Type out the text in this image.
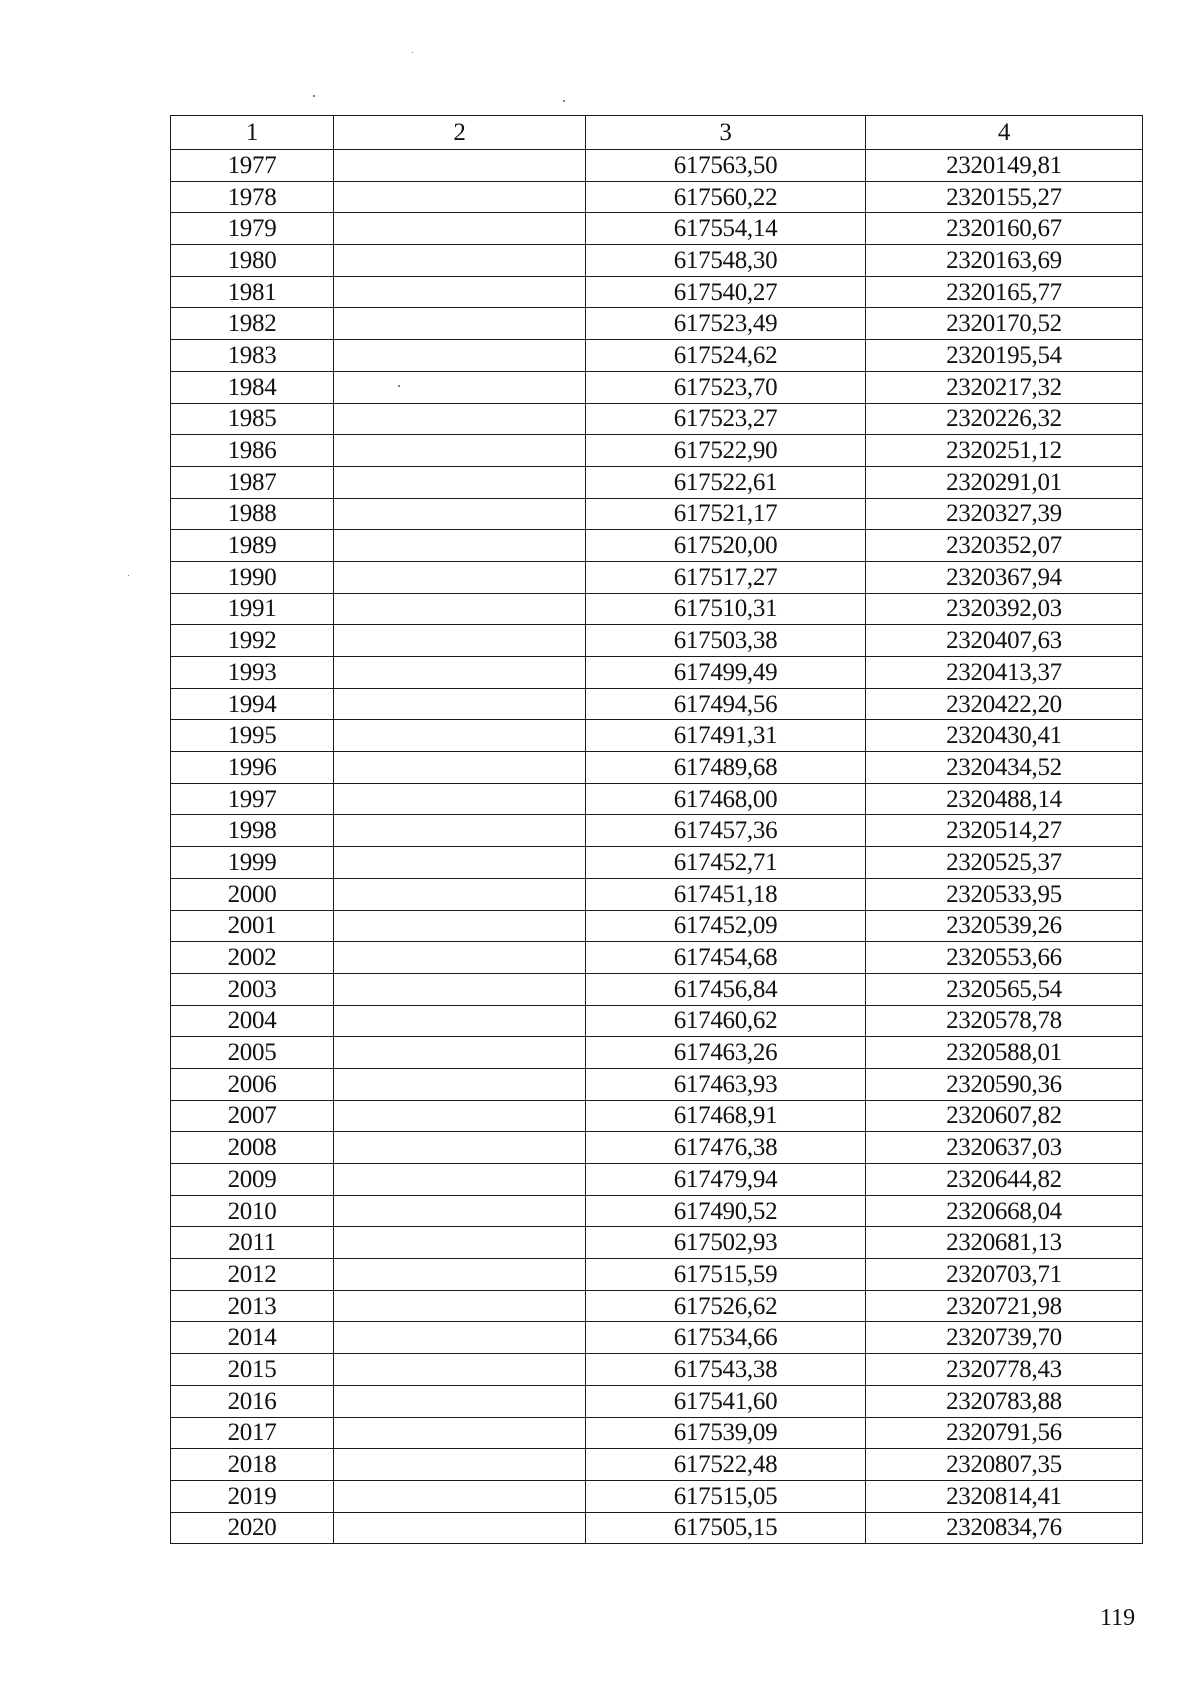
1	2	3	4
1977		617563,50	2320149,81
1978		617560,22	2320155,27
1979		617554,14	2320160,67
1980		617548,30	2320163,69
1981		617540,27	2320165,77
1982		617523,49	2320170,52
1983		617524,62	2320195,54
1984		617523,70	2320217,32
1985		617523,27	2320226,32
1986		617522,90	2320251,12
1987		617522,61	2320291,01
1988		617521,17	2320327,39
1989		617520,00	2320352,07
1990		617517,27	2320367,94
1991		617510,31	2320392,03
1992		617503,38	2320407,63
1993		617499,49	2320413,37
1994		617494,56	2320422,20
1995		617491,31	2320430,41
1996		617489,68	2320434,52
1997		617468,00	2320488,14
1998		617457,36	2320514,27
1999		617452,71	2320525,37
2000		617451,18	2320533,95
2001		617452,09	2320539,26
2002		617454,68	2320553,66
2003		617456,84	2320565,54
2004		617460,62	2320578,78
2005		617463,26	2320588,01
2006		617463,93	2320590,36
2007		617468,91	2320607,82
2008		617476,38	2320637,03
2009		617479,94	2320644,82
2010		617490,52	2320668,04
2011		617502,93	2320681,13
2012		617515,59	2320703,71
2013		617526,62	2320721,98
2014		617534,66	2320739,70
2015		617543,38	2320778,43
2016		617541,60	2320783,88
2017		617539,09	2320791,56
2018		617522,48	2320807,35
2019		617515,05	2320814,41
2020		617505,15	2320834,76
119
